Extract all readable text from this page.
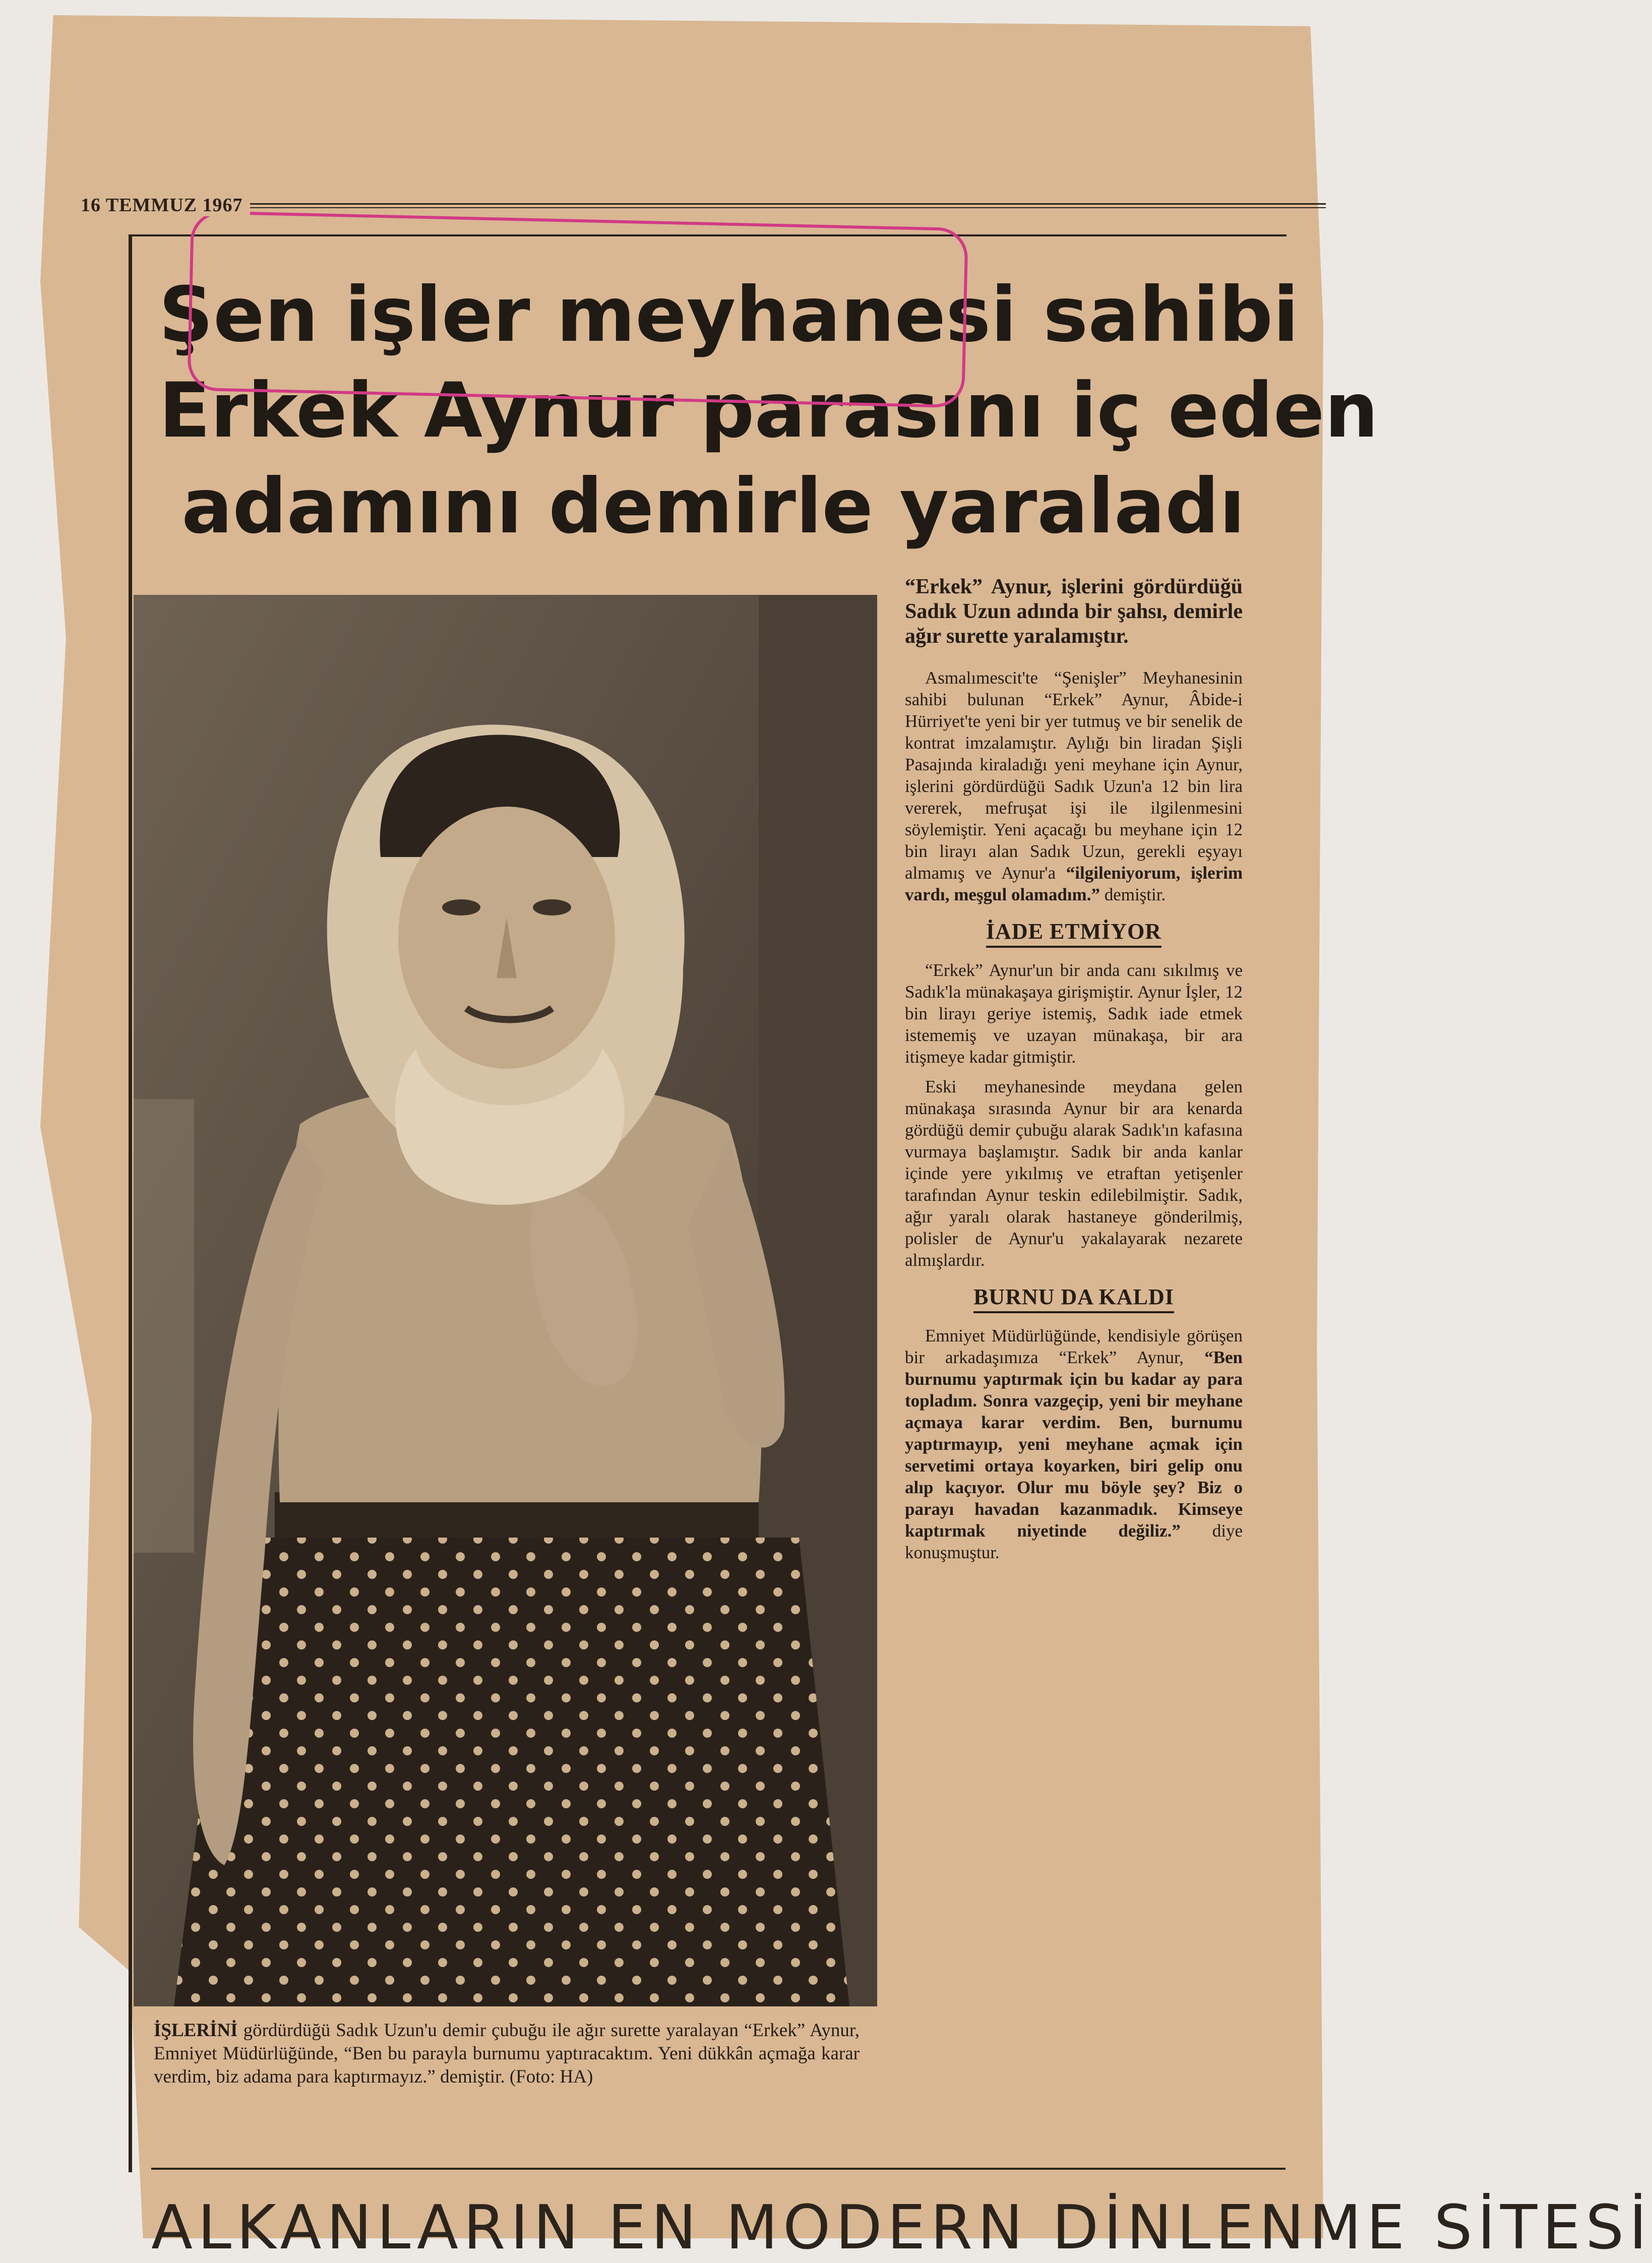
16 TEMMUZ 1967
Şen işler meyhanesi sahibi
Erkek Aynur parasını iç eden
adamını demirle yaraladı
İŞLERİNİ gördürdüğü Sadık Uzun'u demir çubuğu ile ağır surette yaralayan “Erkek” Aynur, Emniyet Müdürlüğünde, “Ben bu parayla burnumu yaptıracaktım. Yeni dükkân açmağa karar verdim, biz adama para kaptırmayız.” demiştir. (Foto: HA)

“Erkek” Aynur, işlerini gördürdüğü Sadık Uzun adında bir şahsı, demirle ağır surette yaralamıştır.

Asmalımescit'te “Şenişler” Meyhanesinin sahibi bulunan “Erkek” Aynur, Âbide-i Hürriyet'te yeni bir yer tutmuş ve bir senelik de kontrat imzalamıştır. Aylığı bin liradan Şişli Pasajında kiraladığı yeni meyhane için Aynur, işlerini gördürdüğü Sadık Uzun'a 12 bin lira vererek, mefruşat işi ile ilgilenmesini söylemiştir. Yeni açacağı bu meyhane için 12 bin lirayı alan Sadık Uzun, gerekli eşyayı almamış ve Aynur'a “ilgileniyorum, işlerim vardı, meşgul olamadım.” demiştir.

İADE ETMİYOR

“Erkek” Aynur'un bir anda canı sıkılmış ve Sadık'la münakaşaya girişmiştir. Aynur İşler, 12 bin lirayı geriye istemiş, Sadık iade etmek istememiş ve uzayan münakaşa, bir ara itişmeye kadar gitmiştir.

Eski meyhanesinde meydana gelen münakaşa sırasında Aynur bir ara kenarda gördüğü demir çubuğu alarak Sadık'ın kafasına vurmaya başlamıştır. Sadık bir anda kanlar içinde yere yıkılmış ve etraftan yetişenler tarafından Aynur teskin edilebilmiştir. Sadık, ağır yaralı olarak hastaneye gönderilmiş, polisler de Aynur'u yakalayarak nezarete almışlardır.

BURNU DA KALDI

Emniyet Müdürlüğünde, kendisiyle görüşen bir arkadaşımıza “Erkek” Aynur, “Ben burnumu yaptırmak için bu kadar ay para topladım. Sonra vazgeçip, yeni bir meyhane açmaya karar verdim. Ben, burnumu yaptırmayıp, yeni meyhane açmak için servetimi ortaya koyarken, biri gelip onu alıp kaçıyor. Olur mu böyle şey? Biz o parayı havadan kazanmadık. Kimseye kaptırmak niyetinde değiliz.” diye konuşmuştur.

ALKANLARIN EN MODERN DİNLENME SİTESİ
